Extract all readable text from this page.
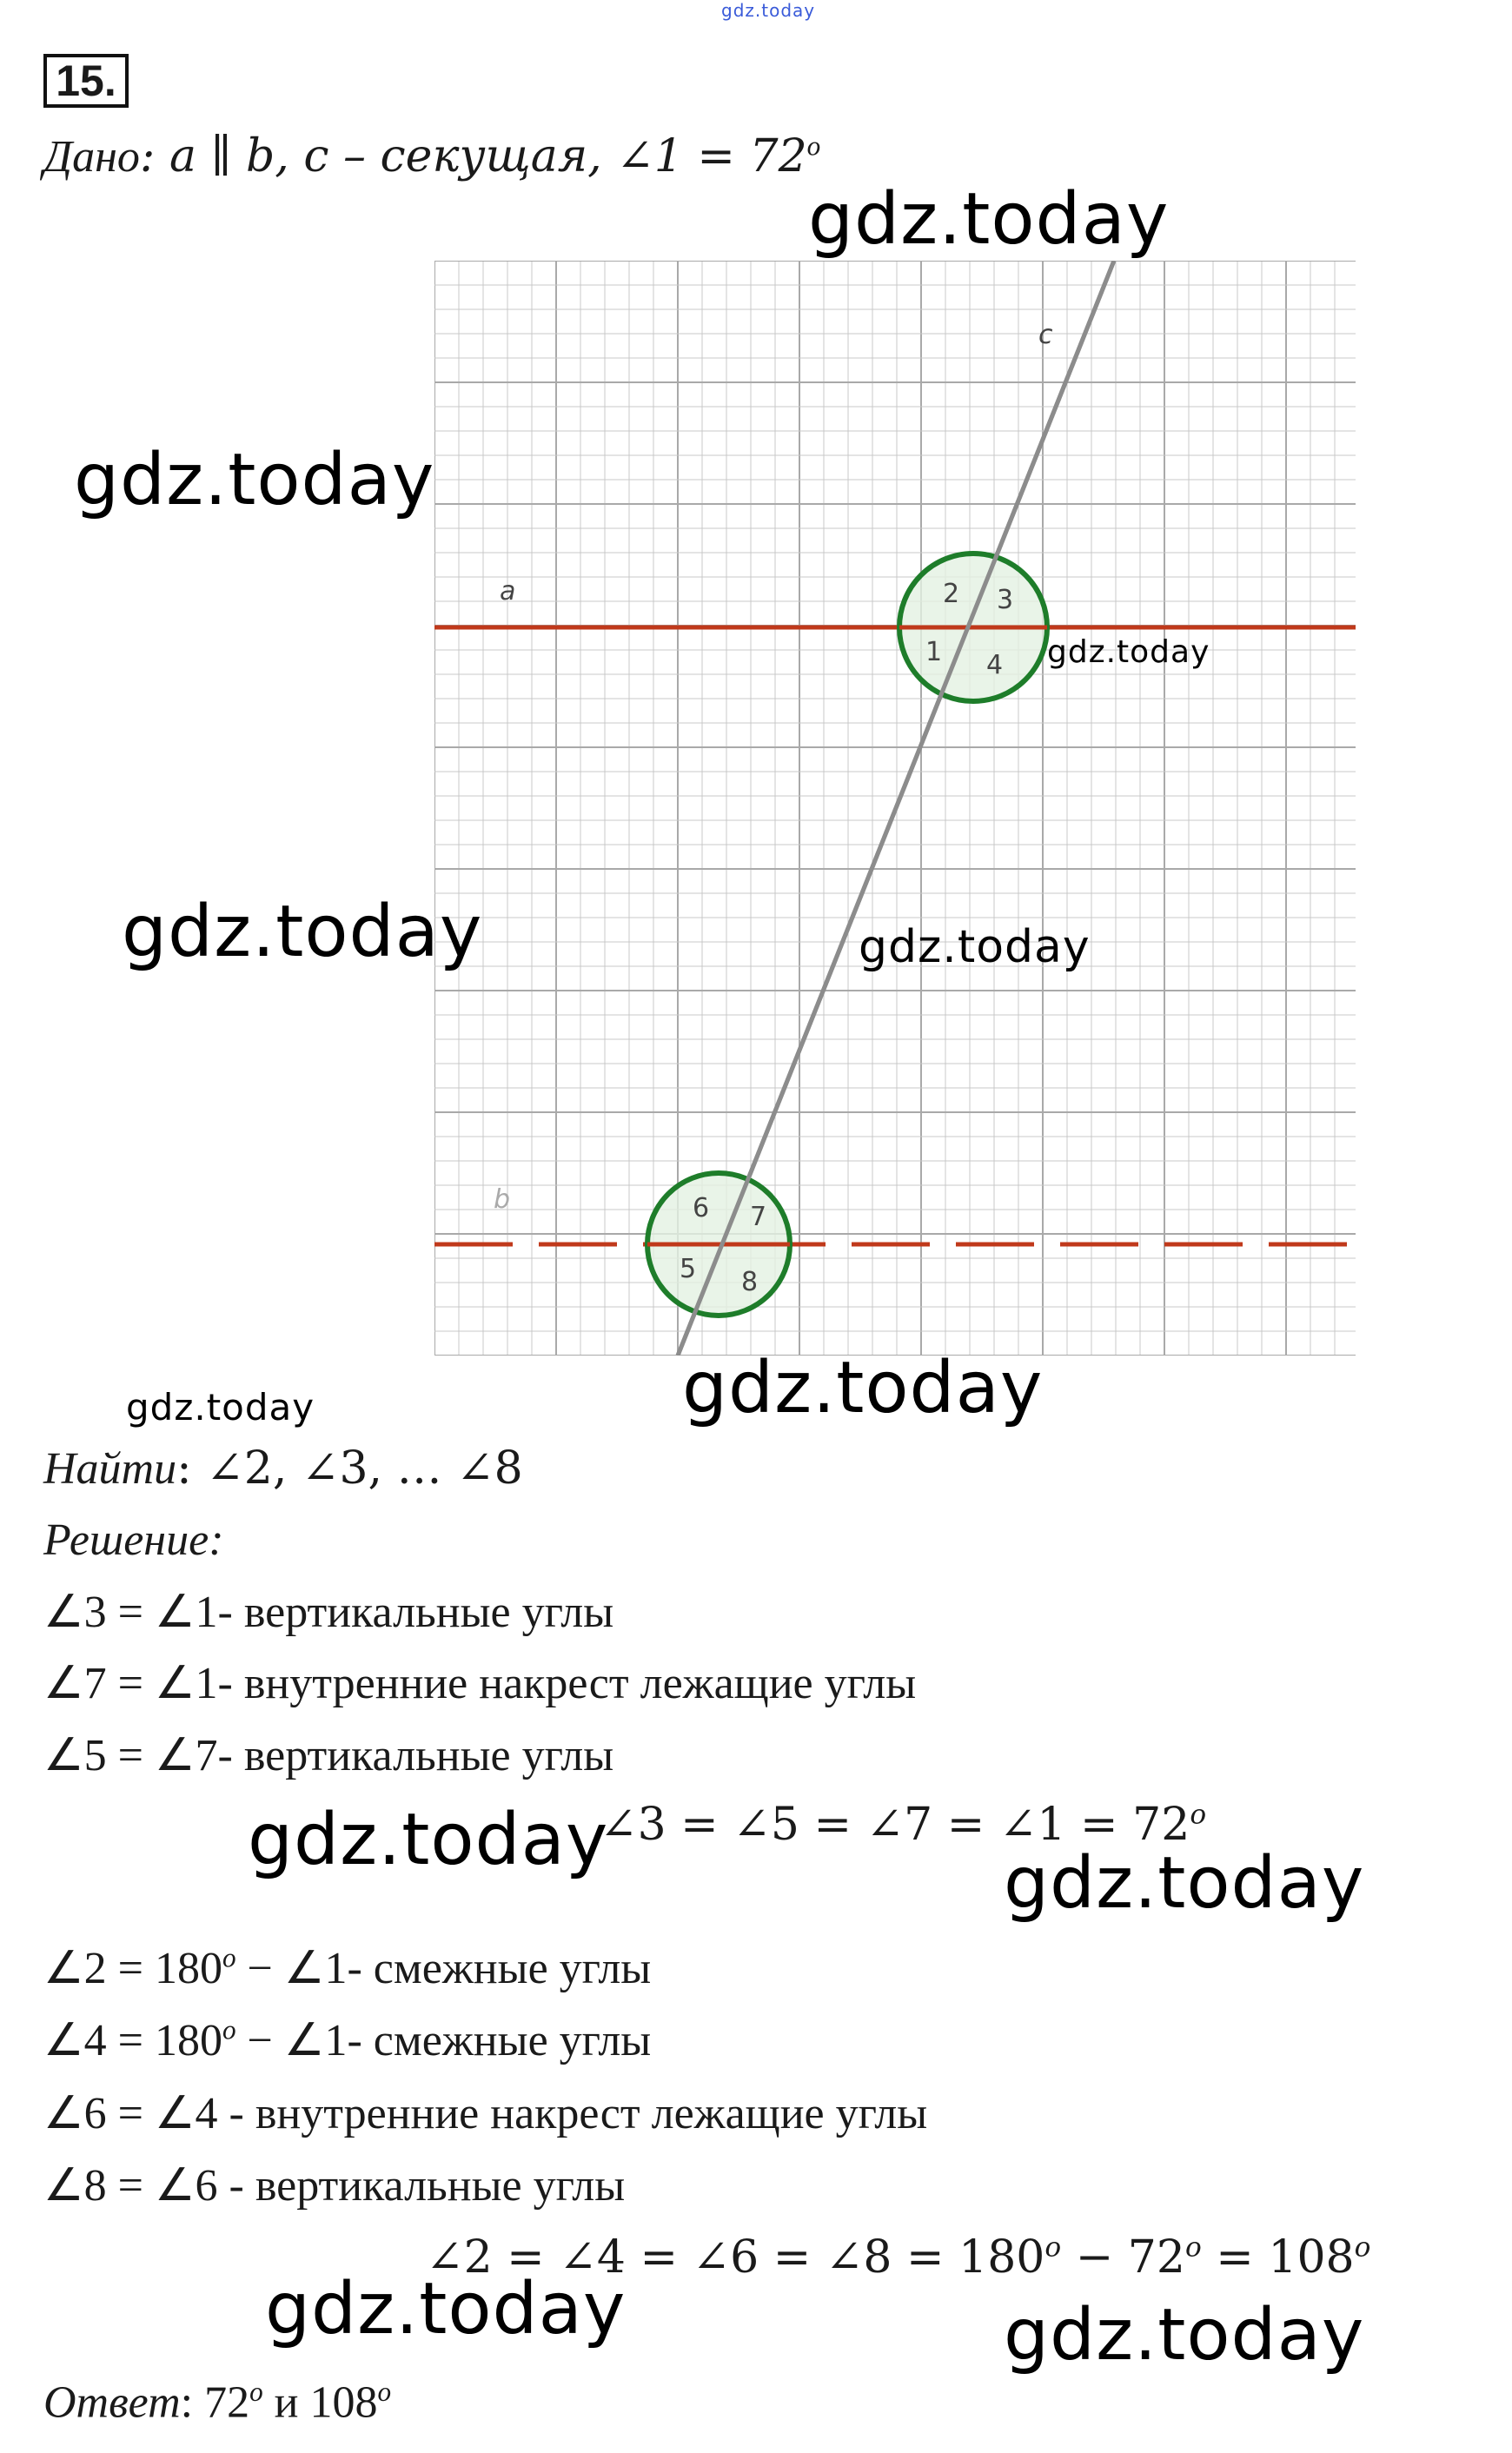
gdz.today
15.
Дано: a ∥ b, c – секущая, ∠1 = $72^o$
a
b
c
1
2 3
4
5
6 7
8
Найти: ∠2, ∠3, … ∠8
Решение:
∠3 = ∠1- вертикальные углы
∠7 = ∠1- внутренние накрест лежащие углы
∠5 = ∠7- вертикальные углы
∠3 = ∠5 = ∠7 = ∠1 = $72^o$
∠2 = $180^o$ − ∠1- смежные углы
∠4 = $180^o$ − ∠1- смежные углы
∠6 = ∠4 - внутренние накрест лежащие углы
∠8 = ∠6 - вертикальные углы
∠2 = ∠4 = ∠6 = ∠8 = $180^o - 72^o = 108^o$
Ответ: 72$^o$ и 108$^o$
gdz.today
gdz.today
gdz.today
gdz.today	gdz.today
gdz.today	gdz.today
gdz.today
gdz.today
gdz.today	gdz.today
